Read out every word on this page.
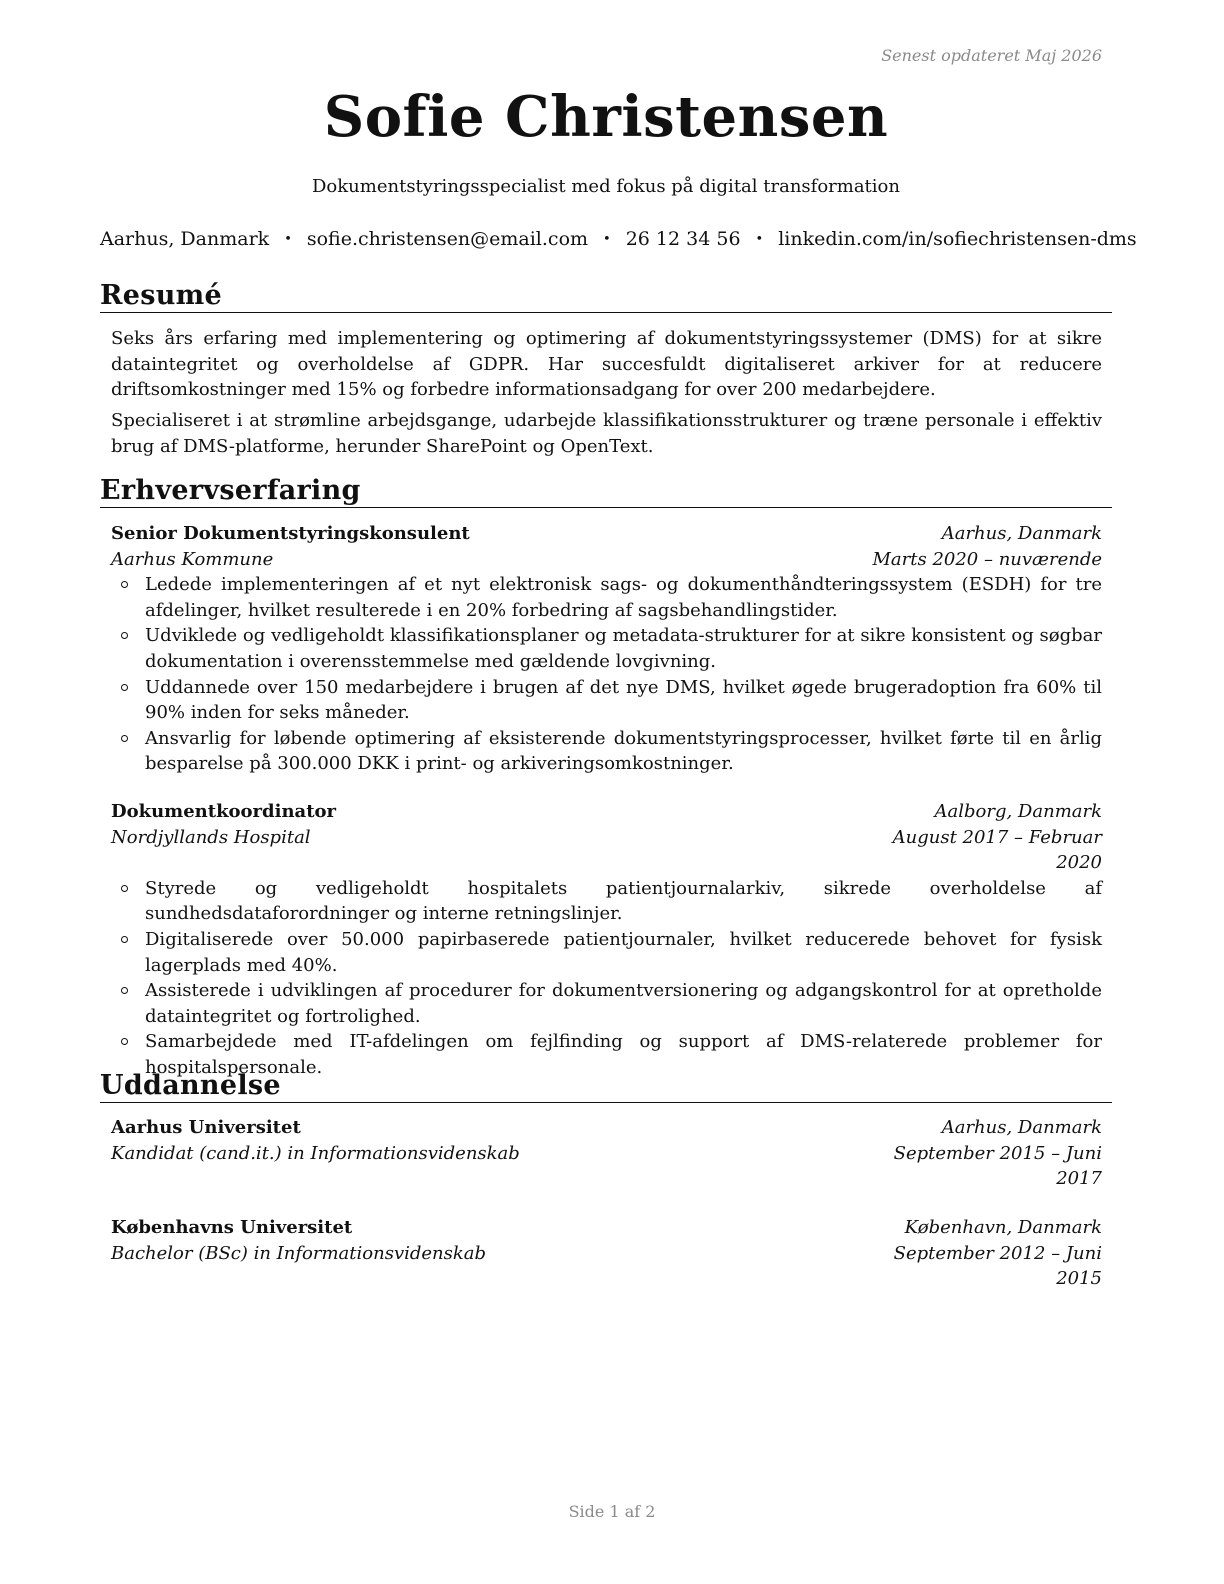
Senest opdateret Maj 2026
Sofie Christensen
Dokumentstyringsspecialist med fokus på digital transformation
Aarhus, Danmark • sofie.christensen@email.com • 26 12 34 56 • linkedin.com/in/sofiechristensen-dms
Resumé
Seks års erfaring med implementering og optimering af dokumentstyringssystemer (DMS) for at sikre dataintegritet og overholdelse af GDPR. Har succesfuldt digitaliseret arkiver for at reducere driftsomkostninger med 15% og forbedre informationsadgang for over 200 medarbejdere.
Specialiseret i at strømline arbejdsgange, udarbejde klassifikationsstrukturer og træne personale i effektiv brug af DMS-platforme, herunder SharePoint og OpenText.
Erhvervserfaring
Senior Dokumentstyringskonsulent	Aarhus, Danmark
Aarhus Kommune	Marts 2020 – nuværende
Ledede implementeringen af et nyt elektronisk sags- og dokumenthåndteringssystem (ESDH) for tre afdelinger, hvilket resulterede i en 20% forbedring af sagsbehandlingstider.
Udviklede og vedligeholdt klassifikationsplaner og metadata-strukturer for at sikre konsistent og søgbar dokumentation i overensstemmelse med gældende lovgivning.
Uddannede over 150 medarbejdere i brugen af det nye DMS, hvilket øgede brugeradoption fra 60% til 90% inden for seks måneder.
Ansvarlig for løbende optimering af eksisterende dokumentstyringsprocesser, hvilket førte til en årlig besparelse på 300.000 DKK i print- og arkiveringsomkostninger.
Dokumentkoordinator	Aalborg, Danmark
Nordjyllands Hospital	August 2017 – Februar 2020
Styrede og vedligeholdt hospitalets patientjournalarkiv, sikrede overholdelse af sundhedsdataforordninger og interne retningslinjer.
Digitaliserede over 50.000 papirbaserede patientjournaler, hvilket reducerede behovet for fysisk lagerplads med 40%.
Assisterede i udviklingen af procedurer for dokumentversionering og adgangskontrol for at opretholde dataintegritet og fortrolighed.
Samarbejdede med IT-afdelingen om fejlfinding og support af DMS-relaterede problemer for hospitalspersonale.
Uddannelse
Aarhus Universitet	Aarhus, Danmark
Kandidat (cand.it.) in Informationsvidenskab	September 2015 – Juni 2017
Københavns Universitet	København, Danmark
Bachelor (BSc) in Informationsvidenskab	September 2012 – Juni 2015
Side 1 af 2
